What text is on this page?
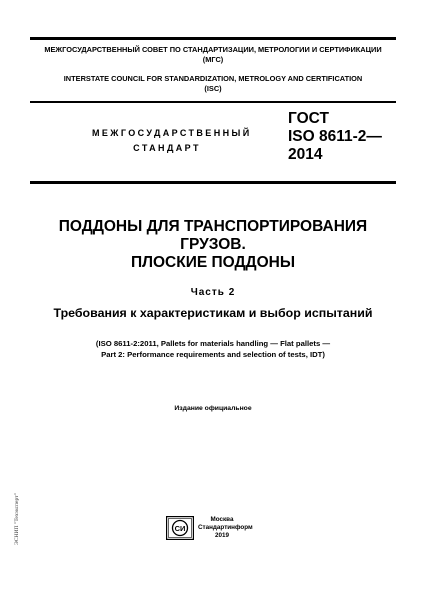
МЕЖГОСУДАРСТВЕННЫЙ СОВЕТ ПО СТАНДАРТИЗАЦИИ, МЕТРОЛОГИИ И СЕРТИФИКАЦИИ
(МГС)
INTERSTATE COUNCIL FOR STANDARDIZATION, METROLOGY AND CERTIFICATION
(ISC)
МЕЖГОСУДАРСТВЕННЫЙ
СТАНДАРТ
ГОСТ
ISO 8611-2—
2014
ПОДДОНЫ ДЛЯ ТРАНСПОРТИРОВАНИЯ
ГРУЗОВ.
ПЛОСКИЕ ПОДДОНЫ
Часть 2
Требования к характеристикам и выбор испытаний
(ISO 8611-2:2011, Pallets for materials handling — Flat pallets —
Part 2: Performance requirements and selection of tests, IDT)
Издание официальное
СИ
Москва
Стандартинформ
2019
ЭСНИП "Техэксперт"
